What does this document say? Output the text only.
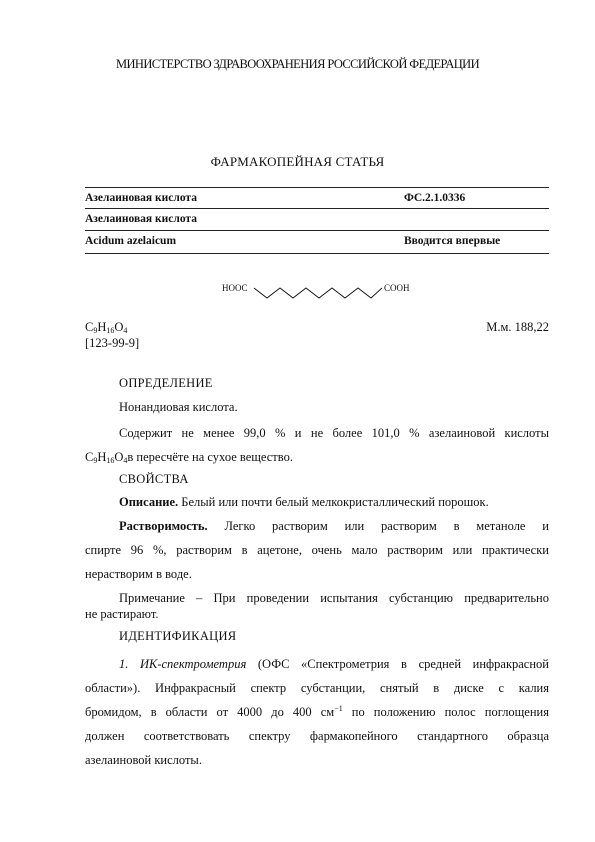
МИНИСТЕРСТВО ЗДРАВООХРАНЕНИЯ РОССИЙСКОЙ ФЕДЕРАЦИИ
ФАРМАКОПЕЙНАЯ СТАТЬЯ
Азелаиновая кислота	ФС.2.1.0336
Азелаиновая кислота
Acidum azelaicum	Вводится впервые
HOOC	COOH
$C_9H_{16}O_4$
[123-99-9]
М.м. 188,22
ОПРЕДЕЛЕНИЕ
Нонандиовая кислота.
Содержит не менее 99,0 % и не более 101,0 % азелаиновой кислоты
$C_9H_{16}O_4в$ пересчёте на сухое вещество.
СВОЙСТВА
Описание. Белый или почти белый мелкокристаллический порошок.
Растворимость. Легко растворим или растворим в метаноле и
спирте 96 %, растворим в ацетоне, очень мало растворим или практически
нерастворим в воде.
Примечание – При проведении испытания субстанцию предварительно
не растирают.
ИДЕНТИФИКАЦИЯ
1. ИК-спектрометрия (ОФС «Спектрометрия в средней инфракрасной
области»). Инфракрасный спектр субстанции, снятый в диске с калия
бромидом, в области от 4000 до 400 $см^{-1}$ по положению полос поглощения
должен соответствовать спектру фармакопейного стандартного образца
азелаиновой кислоты.
